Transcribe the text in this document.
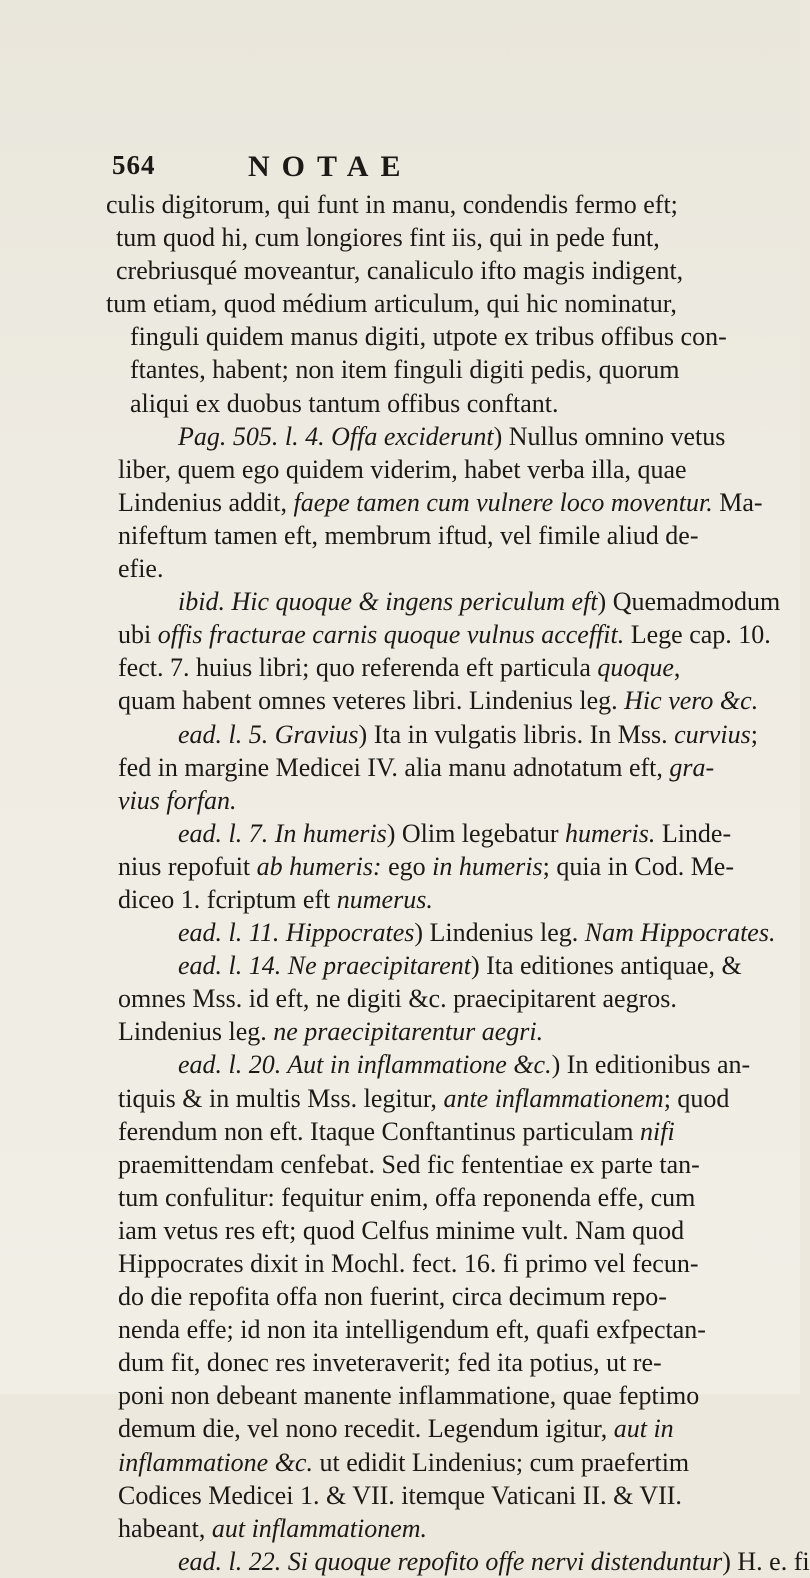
564	NOTAE
culis digitorum, qui funt in manu, condendis fermo eft;
tum quod hi, cum longiores fint iis, qui in pede funt,
crebriusqué moveantur, canaliculo ifto magis indigent,
tum etiam, quod médium articulum, qui hic nominatur,
finguli quidem manus digiti, utpote ex tribus offibus con-
ftantes, habent; non item finguli digiti pedis, quorum
aliqui ex duobus tantum offibus conftant.
Pag. 505. l. 4. Offa exciderunt) Nullus omnino vetus
liber, quem ego quidem viderim, habet verba illa, quae
Lindenius addit, faepe tamen cum vulnere loco moventur. Ma-
nifeftum tamen eft, membrum iftud, vel fimile aliud de-
efie.
ibid. Hic quoque & ingens periculum eft) Quemadmodum
ubi offis fracturae carnis quoque vulnus acceffit. Lege cap. 10.
fect. 7. huius libri; quo referenda eft particula quoque,
quam habent omnes veteres libri. Lindenius leg. Hic vero &c.
ead. l. 5. Gravius) Ita in vulgatis libris. In Mss. curvius;
fed in margine Medicei IV. alia manu adnotatum eft, gra-
vius forfan.
ead. l. 7. In humeris) Olim legebatur humeris. Linde-
nius repofuit ab humeris: ego in humeris; quia in Cod. Me-
diceo 1. fcriptum eft numerus.
ead. l. 11. Hippocrates) Lindenius leg. Nam Hippocrates.
ead. l. 14. Ne praecipitarent) Ita editiones antiquae, &
omnes Mss. id eft, ne digiti &c. praecipitarent aegros.
Lindenius leg. ne praecipitarentur aegri.
ead. l. 20. Aut in inflammatione &c.) In editionibus an-
tiquis & in multis Mss. legitur, ante inflammationem; quod
ferendum non eft. Itaque Conftantinus particulam nifi
praemittendam cenfebat. Sed fic fententiae ex parte tan-
tum confulitur: fequitur enim, offa reponenda effe, cum
iam vetus res eft; quod Celfus minime vult. Nam quod
Hippocrates dixit in Mochl. fect. 16. fi primo vel fecun-
do die repofita offa non fuerint, circa decimum repo-
nenda effe; id non ita intelligendum eft, quafi exfpectan-
dum fit, donec res inveteraverit; fed ita potius, ut re-
poni non debeant manente inflammatione, quae feptimo
demum die, vel nono recedit. Legendum igitur, aut in
inflammatione &c. ut edidit Lindenius; cum praefertim
Codices Medicei 1. & VII. itemque Vaticani II. & VII.
habeant, aut inflammationem.
ead. l. 22. Si quoque repofito offe nervi distenduntur) H. e. fi
